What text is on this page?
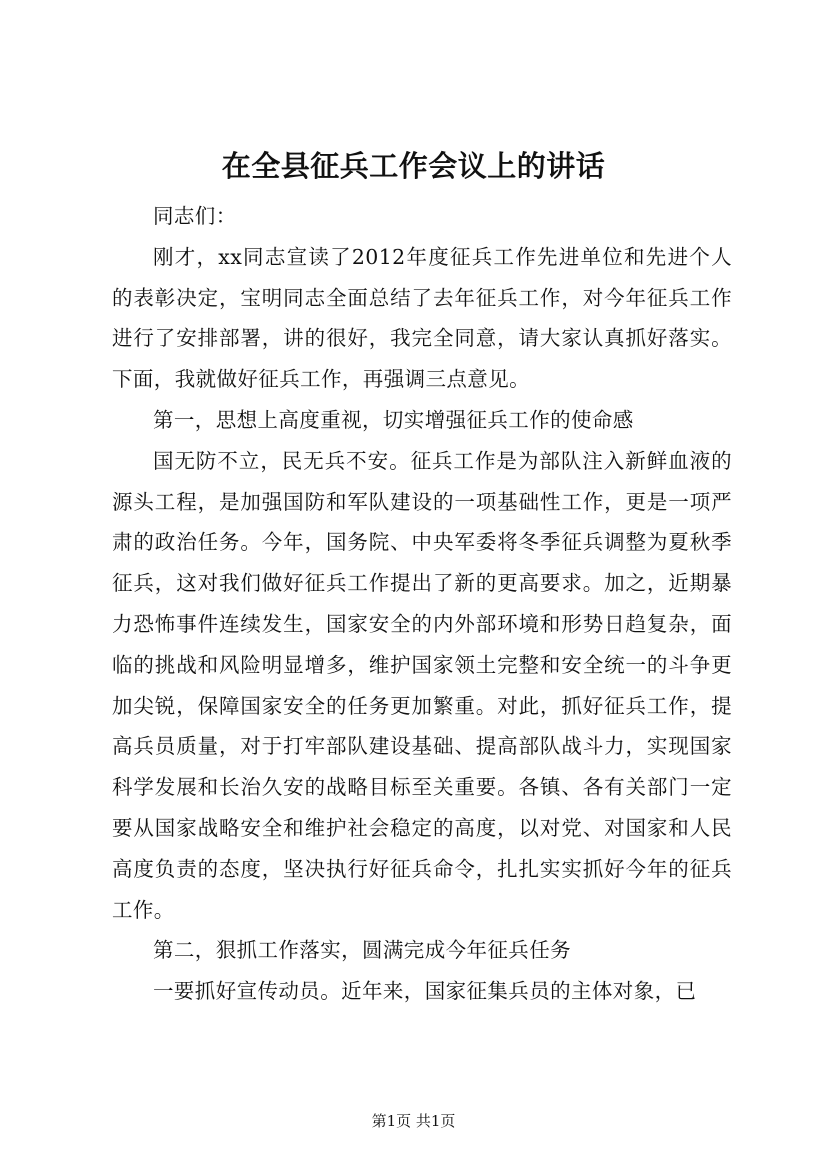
在全县征兵工作会议上的讲话

同志们：

刚才，xx同志宣读了2012年度征兵工作先进单位和先进个人的表彰决定，宝明同志全面总结了去年征兵工作，对今年征兵工作进行了安排部署，讲的很好，我完全同意，请大家认真抓好落实。下面，我就做好征兵工作，再强调三点意见。

第一，思想上高度重视，切实增强征兵工作的使命感

国无防不立，民无兵不安。征兵工作是为部队注入新鲜血液的源头工程，是加强国防和军队建设的一项基础性工作，更是一项严肃的政治任务。今年，国务院、中央军委将冬季征兵调整为夏秋季征兵，这对我们做好征兵工作提出了新的更高要求。加之，近期暴力恐怖事件连续发生，国家安全的内外部环境和形势日趋复杂，面临的挑战和风险明显增多，维护国家领土完整和安全统一的斗争更加尖锐，保障国家安全的任务更加繁重。对此，抓好征兵工作，提高兵员质量，对于打牢部队建设基础、提高部队战斗力，实现国家科学发展和长治久安的战略目标至关重要。各镇、各有关部门一定要从国家战略安全和维护社会稳定的高度，以对党、对国家和人民高度负责的态度，坚决执行好征兵命令，扎扎实实抓好今年的征兵工作。

第二，狠抓工作落实，圆满完成今年征兵任务

一要抓好宣传动员。近年来，国家征集兵员的主体对象，已

第1页 共1页
